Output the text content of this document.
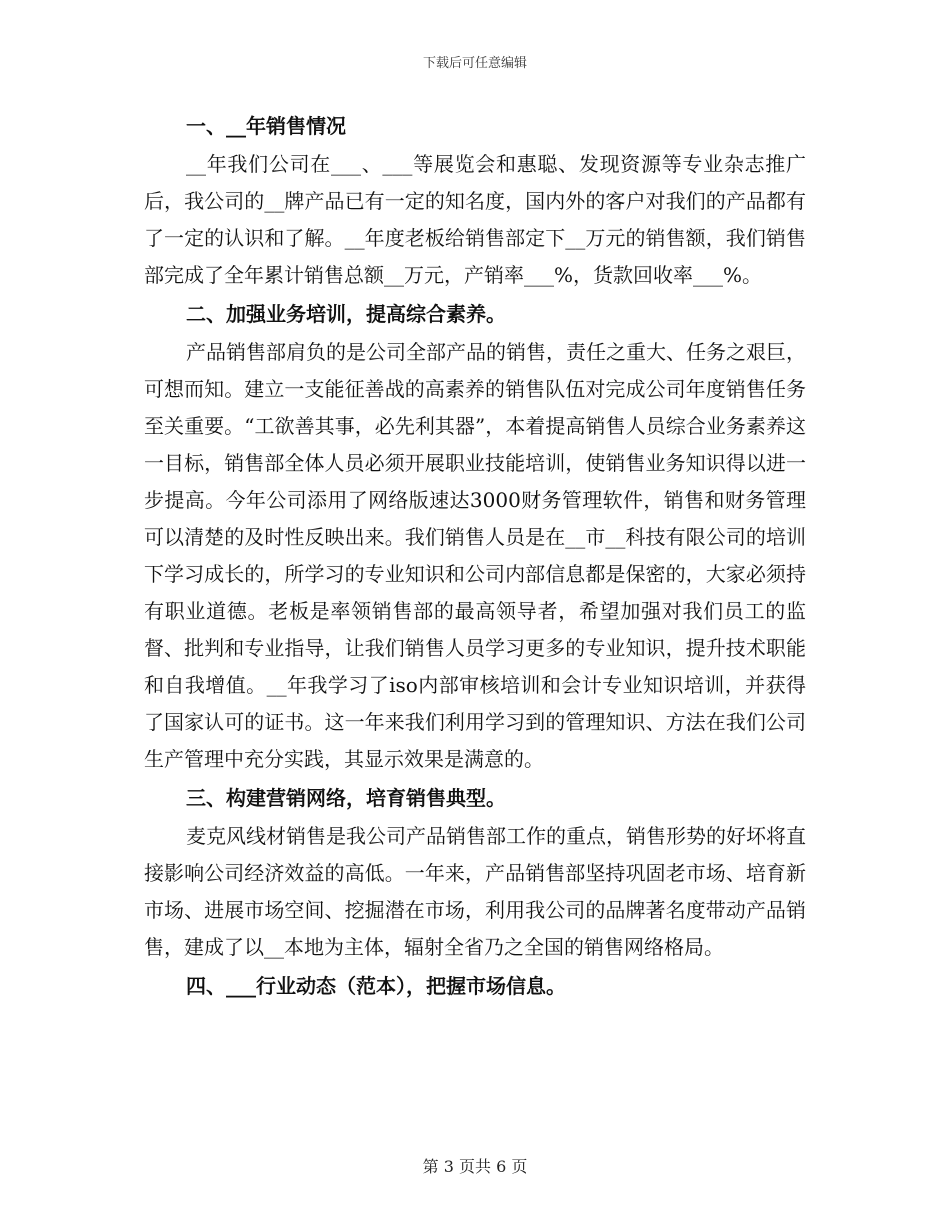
下载后可任意编辑
一、__年销售情况

__年我们公司在___、___等展览会和惠聪、发现资源等专业杂志推广后，我公司的__牌产品已有一定的知名度，国内外的客户对我们的产品都有了一定的认识和了解。__年度老板给销售部定下__万元的销售额，我们销售部完成了全年累计销售总额__万元，产销率___%，货款回收率___%。

二、加强业务培训，提高综合素养。

产品销售部肩负的是公司全部产品的销售，责任之重大、任务之艰巨，可想而知。建立一支能征善战的高素养的销售队伍对完成公司年度销售任务至关重要。“工欲善其事，必先利其器”，本着提高销售人员综合业务素养这一目标，销售部全体人员必须开展职业技能培训，使销售业务知识得以进一步提高。今年公司添用了网络版速达3000财务管理软件，销售和财务管理可以清楚的及时性反映出来。我们销售人员是在__市__科技有限公司的培训下学习成长的，所学习的专业知识和公司内部信息都是保密的，大家必须持有职业道德。老板是率领销售部的最高领导者，希望加强对我们员工的监督、批判和专业指导，让我们销售人员学习更多的专业知识，提升技术职能和自我增值。__年我学习了iso内部审核培训和会计专业知识培训，并获得了国家认可的证书。这一年来我们利用学习到的管理知识、方法在我们公司生产管理中充分实践，其显示效果是满意的。

三、构建营销网络，培育销售典型。

麦克风线材销售是我公司产品销售部工作的重点，销售形势的好坏将直接影响公司经济效益的高低。一年来，产品销售部坚持巩固老市场、培育新市场、进展市场空间、挖掘潜在市场，利用我公司的品牌著名度带动产品销售，建成了以__本地为主体，辐射全省乃之全国的销售网络格局。

四、___行业动态（范本），把握市场信息。
第 3 页共 6 页
